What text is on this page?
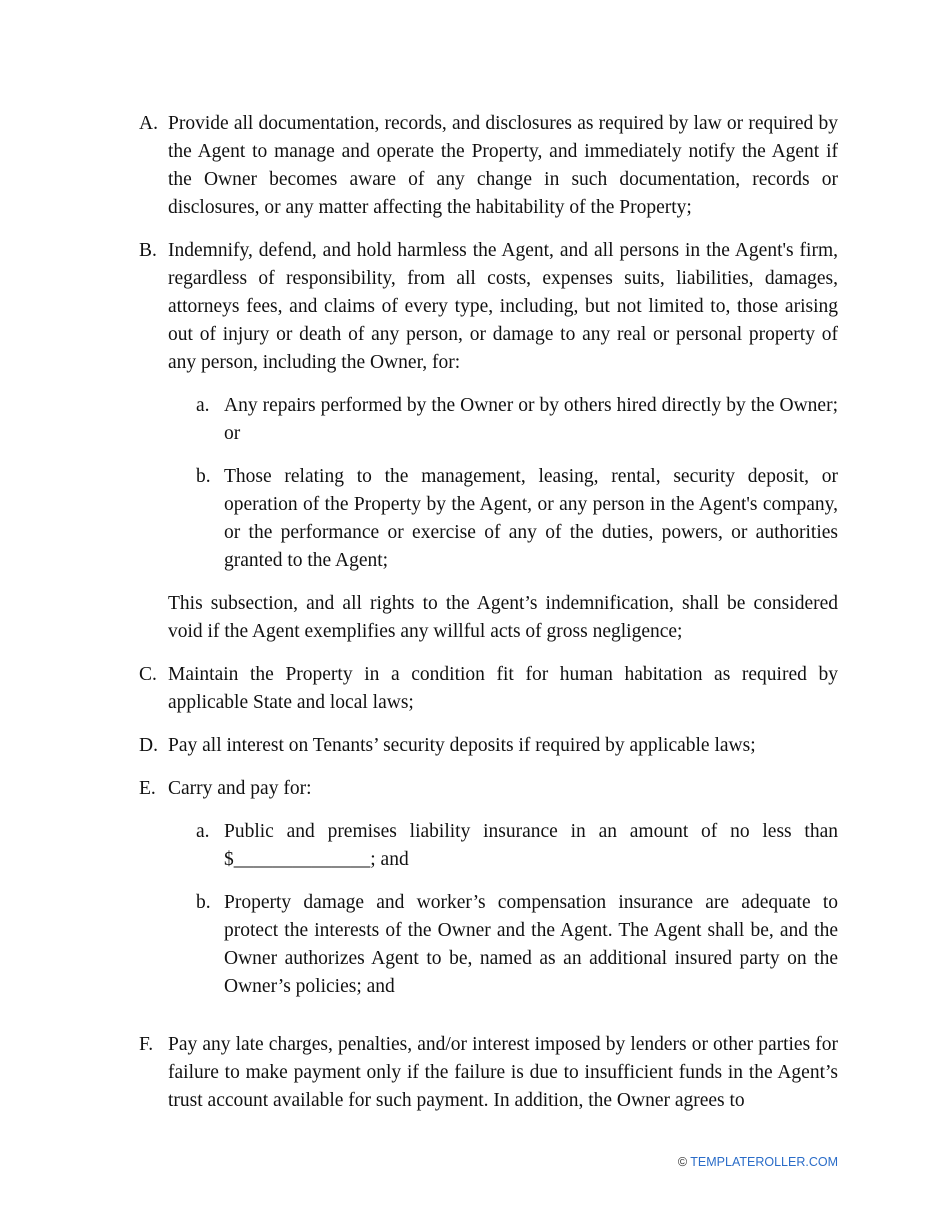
A. Provide all documentation, records, and disclosures as required by law or required by the Agent to manage and operate the Property, and immediately notify the Agent if the Owner becomes aware of any change in such documentation, records or disclosures, or any matter affecting the habitability of the Property;

B. Indemnify, defend, and hold harmless the Agent, and all persons in the Agent's firm, regardless of responsibility, from all costs, expenses suits, liabilities, damages, attorneys fees, and claims of every type, including, but not limited to, those arising out of injury or death of any person, or damage to any real or personal property of any person, including the Owner, for:

a. Any repairs performed by the Owner or by others hired directly by the Owner; or

b. Those relating to the management, leasing, rental, security deposit, or operation of the Property by the Agent, or any person in the Agent's company, or the performance or exercise of any of the duties, powers, or authorities granted to the Agent;

This subsection, and all rights to the Agent’s indemnification, shall be considered void if the Agent exemplifies any willful acts of gross negligence;

C. Maintain the Property in a condition fit for human habitation as required by applicable State and local laws;

D. Pay all interest on Tenants’ security deposits if required by applicable laws;

E. Carry and pay for:

a. Public and premises liability insurance in an amount of no less than $______________; and

b. Property damage and worker’s compensation insurance are adequate to protect the interests of the Owner and the Agent. The Agent shall be, and the Owner authorizes Agent to be, named as an additional insured party on the Owner’s policies; and

F. Pay any late charges, penalties, and/or interest imposed by lenders or other parties for failure to make payment only if the failure is due to insufficient funds in the Agent’s trust account available for such payment. In addition, the Owner agrees to

© TEMPLATEROLLER.COM
